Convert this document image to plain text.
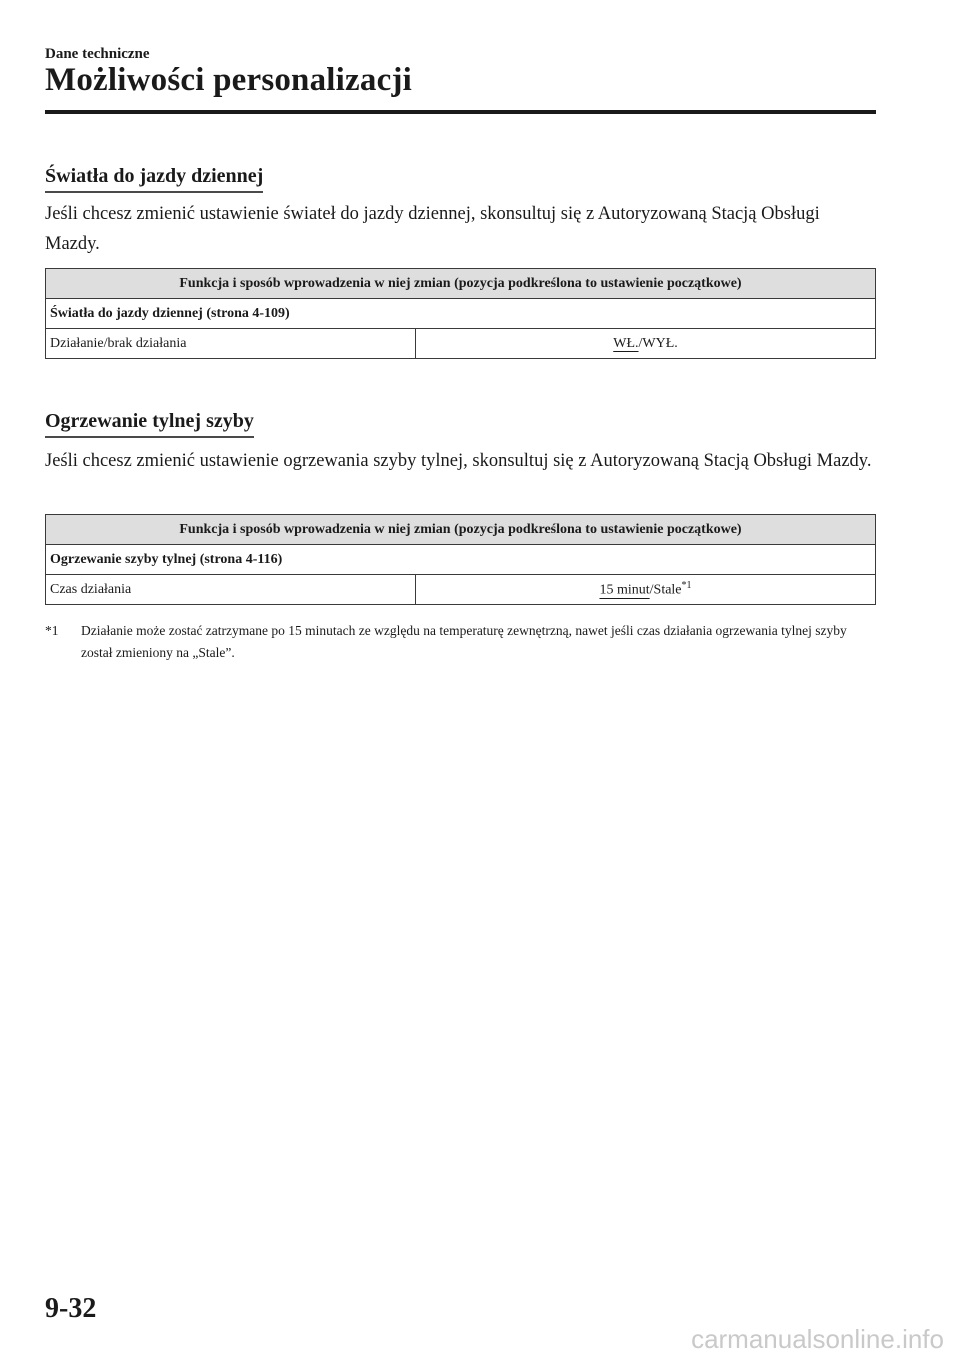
Dane techniczne
Możliwości personalizacji
Światła do jazdy dziennej

Jeśli chcesz zmienić ustawienie świateł do jazdy dziennej, skonsultuj się z Autoryzowaną Stacją Obsługi Mazdy.

Funkcja i sposób wprowadzenia w niej zmian (pozycja podkreślona to ustawienie początkowe)
Światła do jazdy dziennej (strona 4-109)
Działanie/brak działania	WŁ./WYŁ.
Ogrzewanie tylnej szyby

Jeśli chcesz zmienić ustawienie ogrzewania szyby tylnej, skonsultuj się z Autoryzowaną Stacją Obsługi Mazdy.

Funkcja i sposób wprowadzenia w niej zmian (pozycja podkreślona to ustawienie początkowe)
Ogrzewanie szyby tylnej (strona 4-116)
Czas działania	15 minut/Stale$^{*1}$
*1 Działanie może zostać zatrzymane po 15 minutach ze względu na temperaturę zewnętrzną, nawet jeśli czas działania ogrzewania tylnej szyby został zmieniony na „Stale”.
9-32
carmanualsonline.info
